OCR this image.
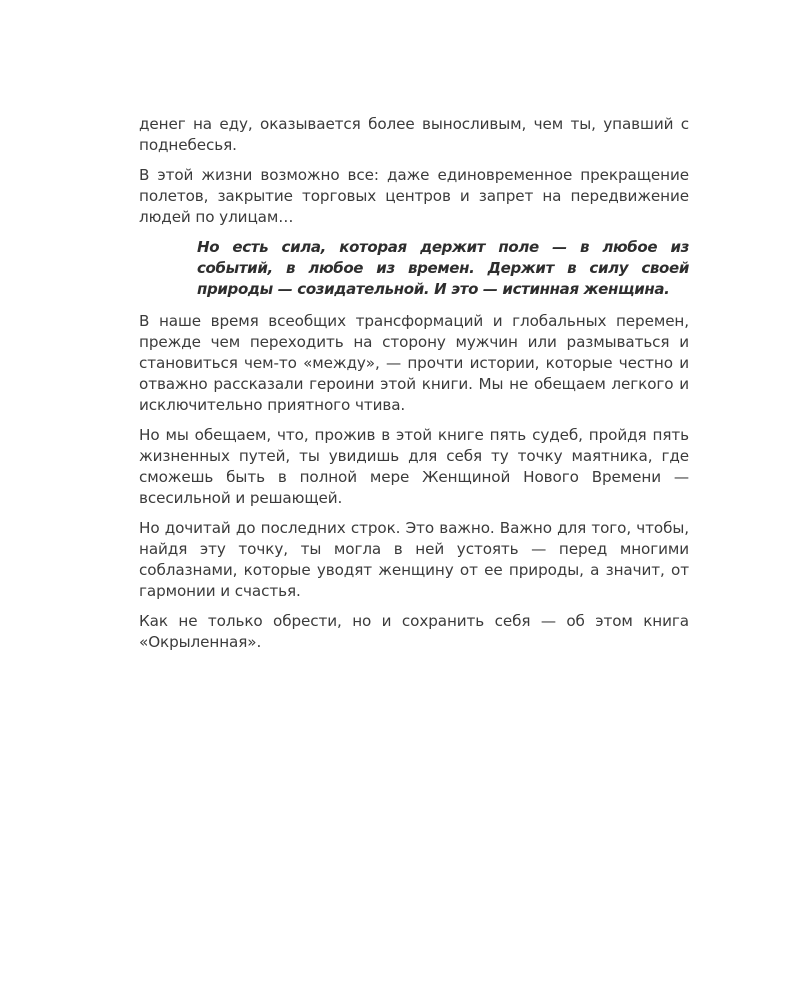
денег на еду, оказывается более выносливым, чем ты, упавший с поднебесья.

В этой жизни возможно все: даже единовременное прекращение полетов, закрытие торговых центров и запрет на передвижение людей по улицам…

Но есть сила, которая держит поле — в любое из событий, в любое из времен. Держит в силу своей природы — созидательной. И это — истинная женщина.

В наше время всеобщих трансформаций и глобальных перемен, прежде чем переходить на сторону мужчин или размываться и становиться чем-то «между», — прочти истории, которые честно и отважно рассказали героини этой книги. Мы не обещаем легкого и исключительно приятного чтива.

Но мы обещаем, что, прожив в этой книге пять судеб, пройдя пять жизненных путей, ты увидишь для себя ту точку маятника, где сможешь быть в полной мере Женщиной Нового Времени — всесильной и решающей.

Но дочитай до последних строк. Это важно. Важно для того, чтобы, найдя эту точку, ты могла в ней устоять — перед многими соблазнами, которые уводят женщину от ее природы, а значит, от гармонии и счастья.

Как не только обрести, но и сохранить себя — об этом книга «Окрыленная».
